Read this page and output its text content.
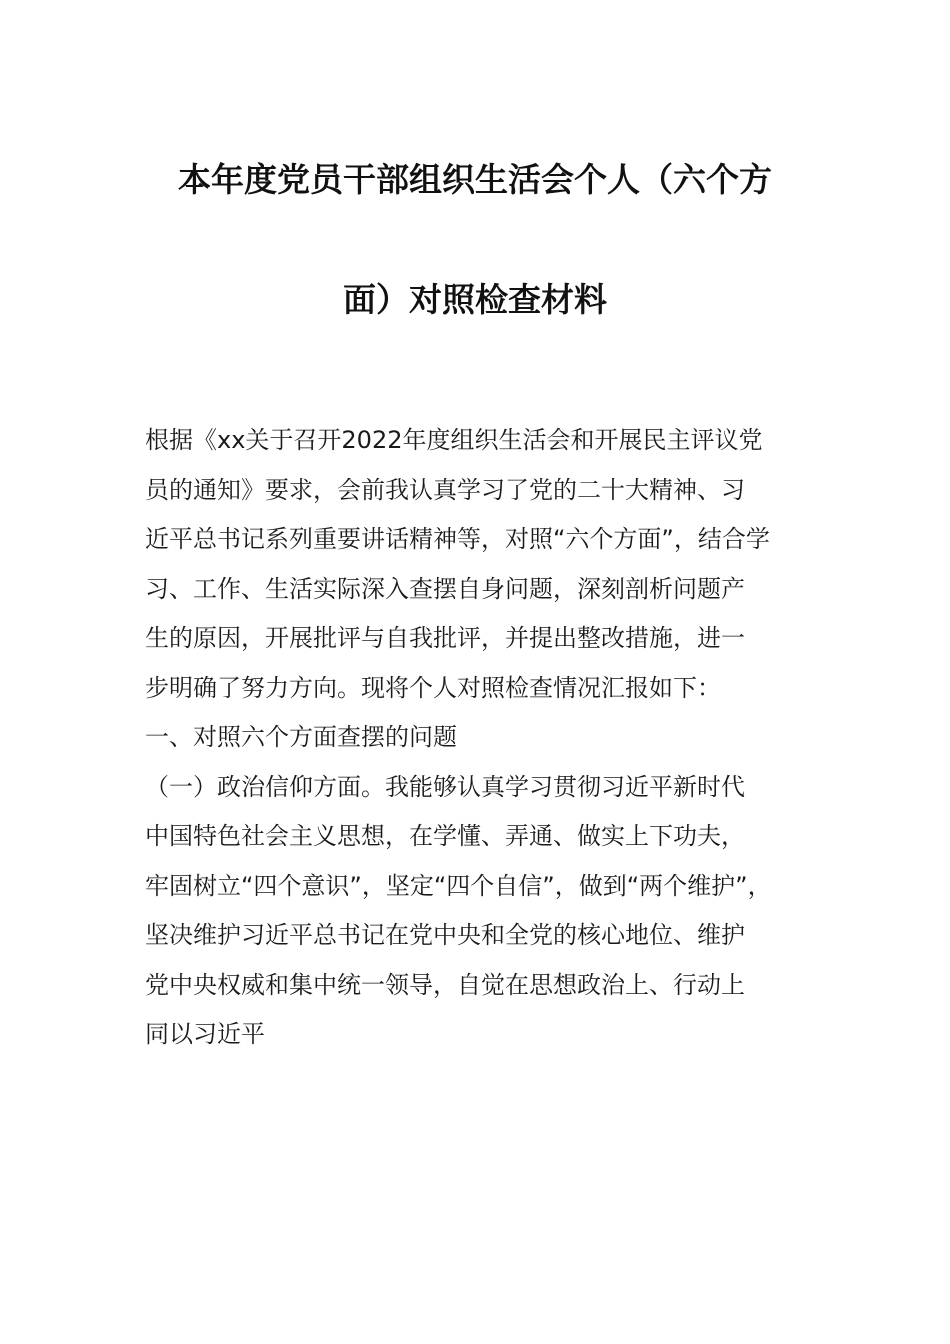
本年度党员干部组织生活会个人（六个方
面）对照检查材料
根据《xx关于召开2022年度组织生活会和开展民主评议党
员的通知》要求，会前我认真学习了党的二十大精神、习
近平总书记系列重要讲话精神等，对照“六个方面”，结合学
习、工作、生活实际深入查摆自身问题，深刻剖析问题产
生的原因，开展批评与自我批评，并提出整改措施，进一
步明确了努力方向。现将个人对照检查情况汇报如下：
一、对照六个方面查摆的问题
（一）政治信仰方面。我能够认真学习贯彻习近平新时代
中国特色社会主义思想，在学懂、弄通、做实上下功夫，
牢固树立“四个意识”，坚定“四个自信”，做到“两个维护”，
坚决维护习近平总书记在党中央和全党的核心地位、维护
党中央权威和集中统一领导，自觉在思想政治上、行动上
同以习近平
